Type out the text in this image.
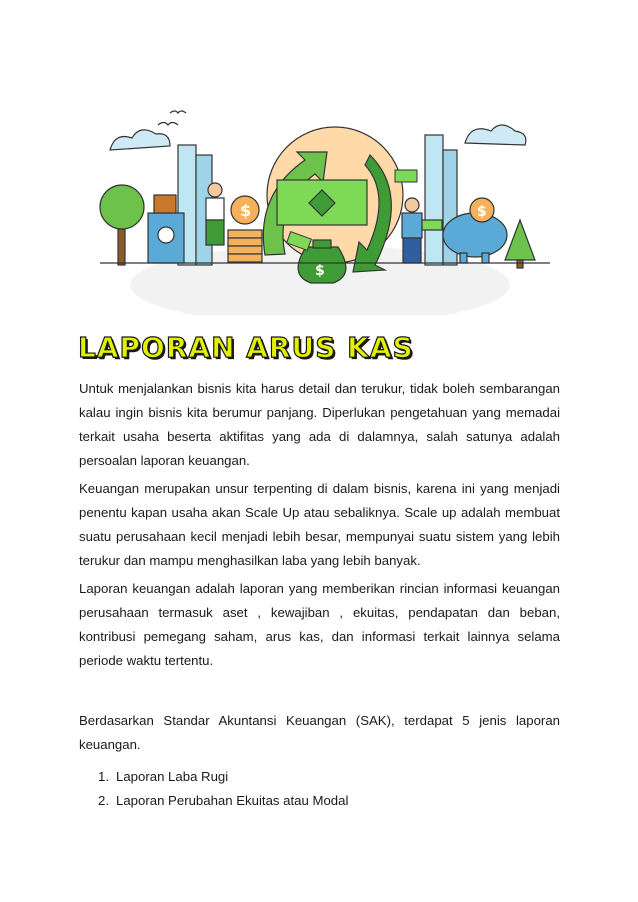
$
$
$
LAPORAN ARUS KAS

Untuk menjalankan bisnis kita harus detail dan terukur, tidak boleh sembarangan kalau ingin bisnis kita berumur panjang. Diperlukan pengetahuan yang memadai terkait usaha beserta aktifitas yang ada di dalamnya, salah satunya adalah persoalan laporan keuangan.

Keuangan merupakan unsur terpenting di dalam bisnis, karena ini yang menjadi penentu kapan usaha akan Scale Up atau sebaliknya. Scale up adalah membuat suatu perusahaan kecil menjadi lebih besar, mempunyai suatu sistem yang lebih terukur dan mampu menghasilkan laba yang lebih banyak.

Laporan keuangan adalah laporan yang memberikan rincian informasi keuangan perusahaan termasuk aset , kewajiban , ekuitas, pendapatan dan beban, kontribusi pemegang saham, arus kas, dan informasi terkait lainnya selama periode waktu tertentu.

Berdasarkan Standar Akuntansi Keuangan (SAK), terdapat 5 jenis laporan keuangan.

1. Laporan Laba Rugi
2. Laporan Perubahan Ekuitas atau Modal
